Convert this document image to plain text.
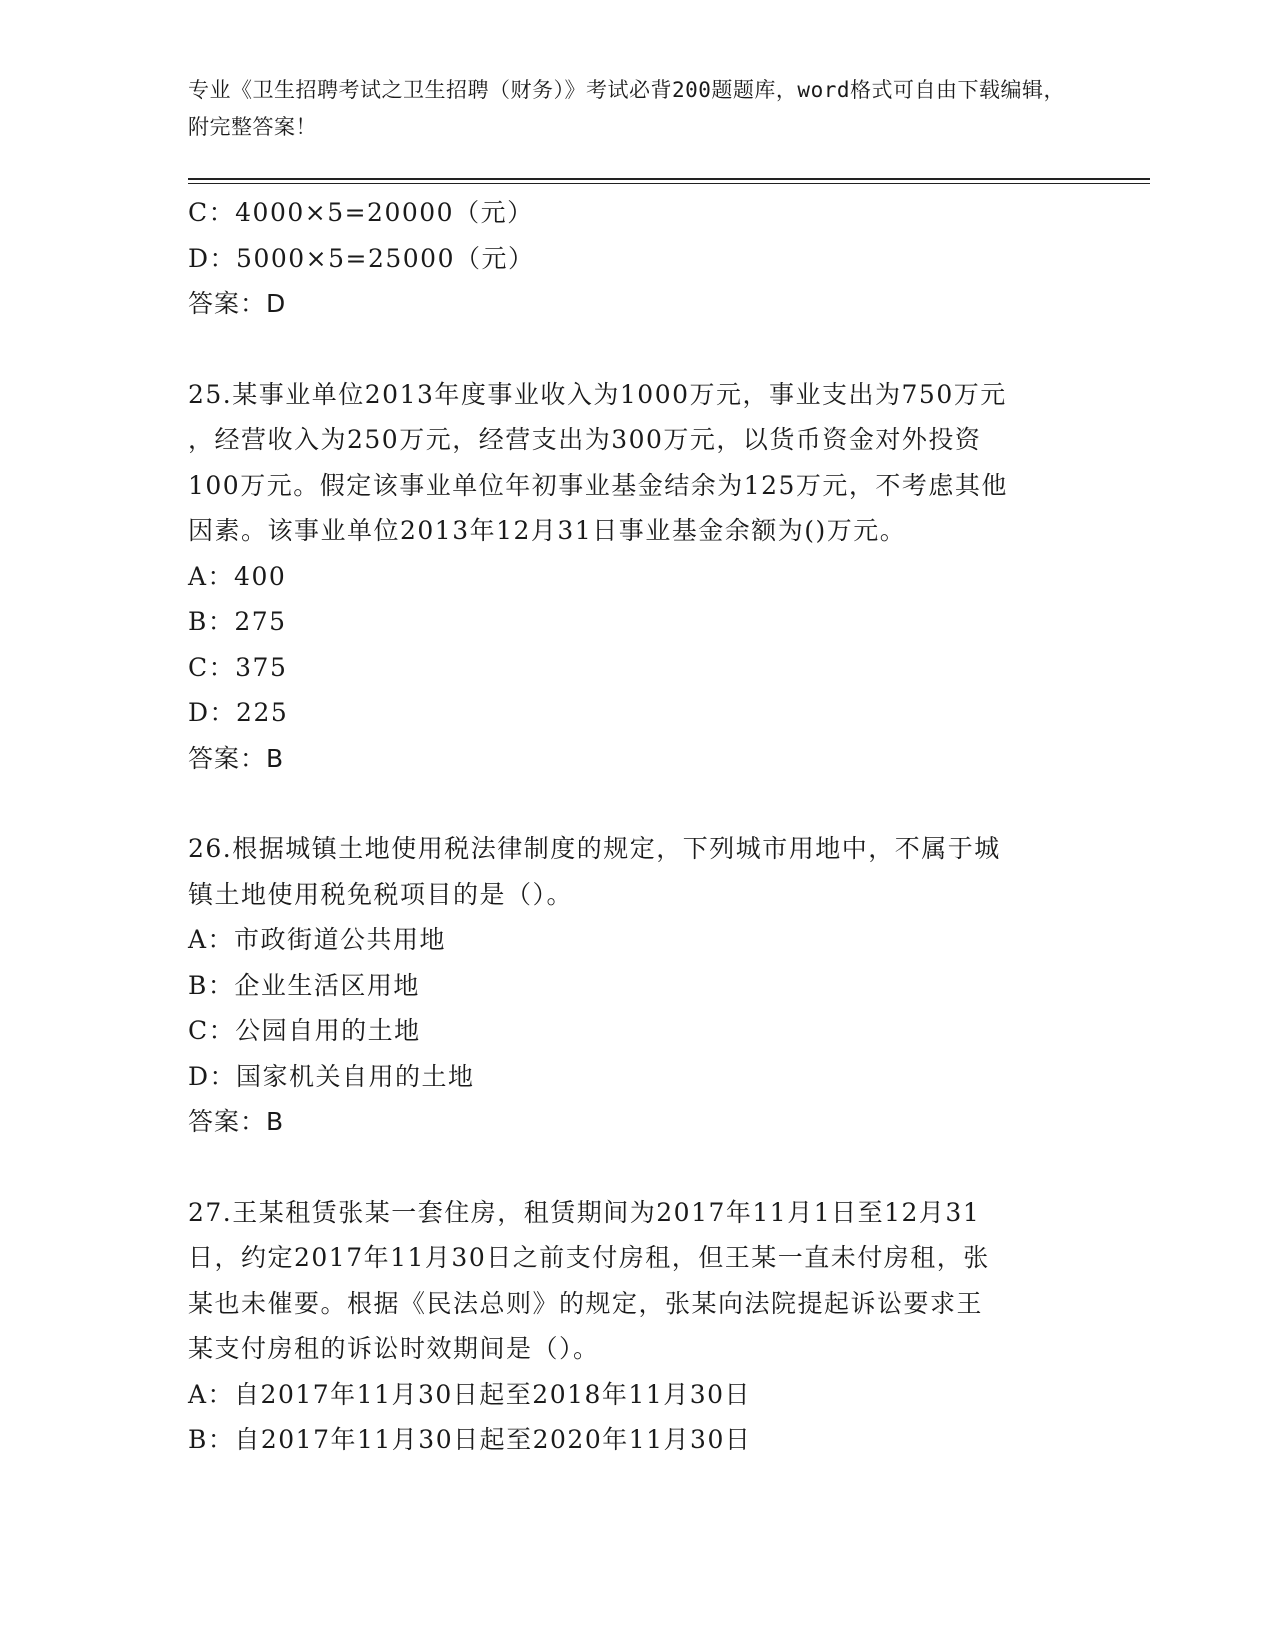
专业《卫生招聘考试之卫生招聘（财务）》考试必背200题题库，word格式可自由下载编辑，附完整答案！

C：4000×5=20000（元）
D：5000×5=25000（元）
答案：D
25.某事业单位2013年度事业收入为1000万元，事业支出为750万元
，经营收入为250万元，经营支出为300万元，以货币资金对外投资
100万元。假定该事业单位年初事业基金结余为125万元，不考虑其他
因素。该事业单位2013年12月31日事业基金余额为()万元。
A：400
B：275
C：375
D：225
答案：B
26.根据城镇土地使用税法律制度的规定，下列城市用地中，不属于城
镇土地使用税免税项目的是（）。
A：市政街道公共用地
B：企业生活区用地
C：公园自用的土地
D：国家机关自用的土地
答案：B
27.王某租赁张某一套住房，租赁期间为2017年11月1日至12月31
日，约定2017年11月30日之前支付房租，但王某一直未付房租，张
某也未催要。根据《民法总则》的规定，张某向法院提起诉讼要求王
某支付房租的诉讼时效期间是（）。
A：自2017年11月30日起至2018年11月30日
B：自2017年11月30日起至2020年11月30日
